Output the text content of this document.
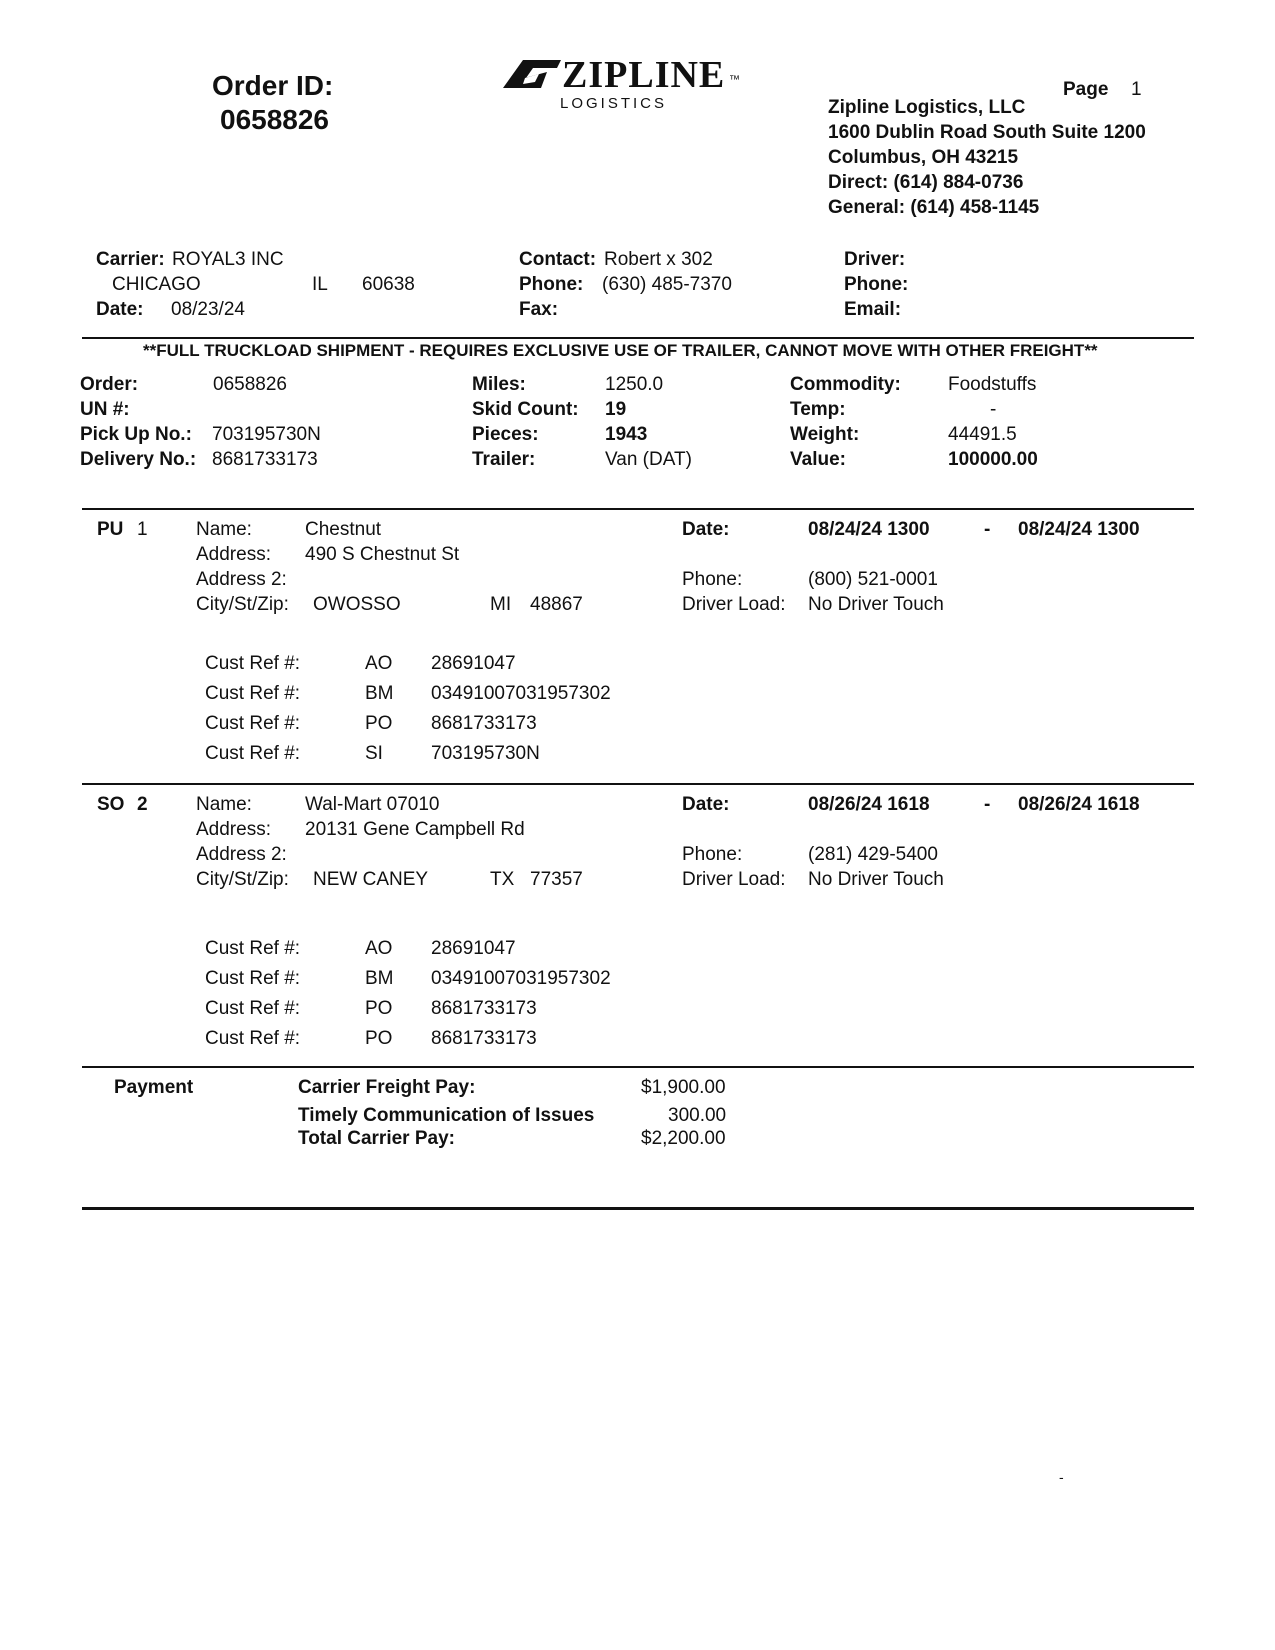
Order ID:
0658826
ZIPLINE ™
LOGISTICS
Page 1
Zipline Logistics, LLC
1600 Dublin Road South Suite 1200
Columbus, OH 43215
Direct: (614) 884-0736
General: (614) 458-1145
Carrier: ROYAL3 INC
CHICAGO	IL 60638
Date: 08/23/24
Contact: Robert x 302
Phone: (630) 485-7370
Fax:
Driver:
Phone:
Email:
**FULL TRUCKLOAD SHIPMENT - REQUIRES EXCLUSIVE USE OF TRAILER, CANNOT MOVE WITH OTHER FREIGHT**
Order:	0658826
UN #:
Pick Up No.: 703195730N
Delivery No.: 8681733173
Miles:	1250.0
Skid Count: 19
Pieces:	1943
Trailer:	Van (DAT)
Commodity: Foodstuffs
Temp:	-
Weight:	44491.5
Value:	100000.00
PU 1	Name:	Chestnut
Address: 490 S Chestnut St
Address 2:
City/St/Zip: OWOSSO	MI 48867
Date:	08/24/24 1300	- 08/24/24 1300
Phone:	(800) 521-0001
Driver Load: No Driver Touch
Cust Ref #:	AO 28691047
Cust Ref #:	BM 03491007031957302
Cust Ref #:	PO 8681733173
Cust Ref #:	SI	703195730N
SO 2	Name:	Wal-Mart 07010
Address: 20131 Gene Campbell Rd
Address 2:
City/St/Zip: NEW CANEY	TX 77357
Date:	08/26/24 1618	- 08/26/24 1618
Phone:	(281) 429-5400
Driver Load: No Driver Touch
Cust Ref #:	AO 28691047
Cust Ref #:	BM 03491007031957302
Cust Ref #:	PO 8681733173
Cust Ref #:	PO 8681733173
Payment	Carrier Freight Pay:	$1,900.00
Timely Communication of Issues	300.00
Total Carrier Pay:	$2,200.00
-
